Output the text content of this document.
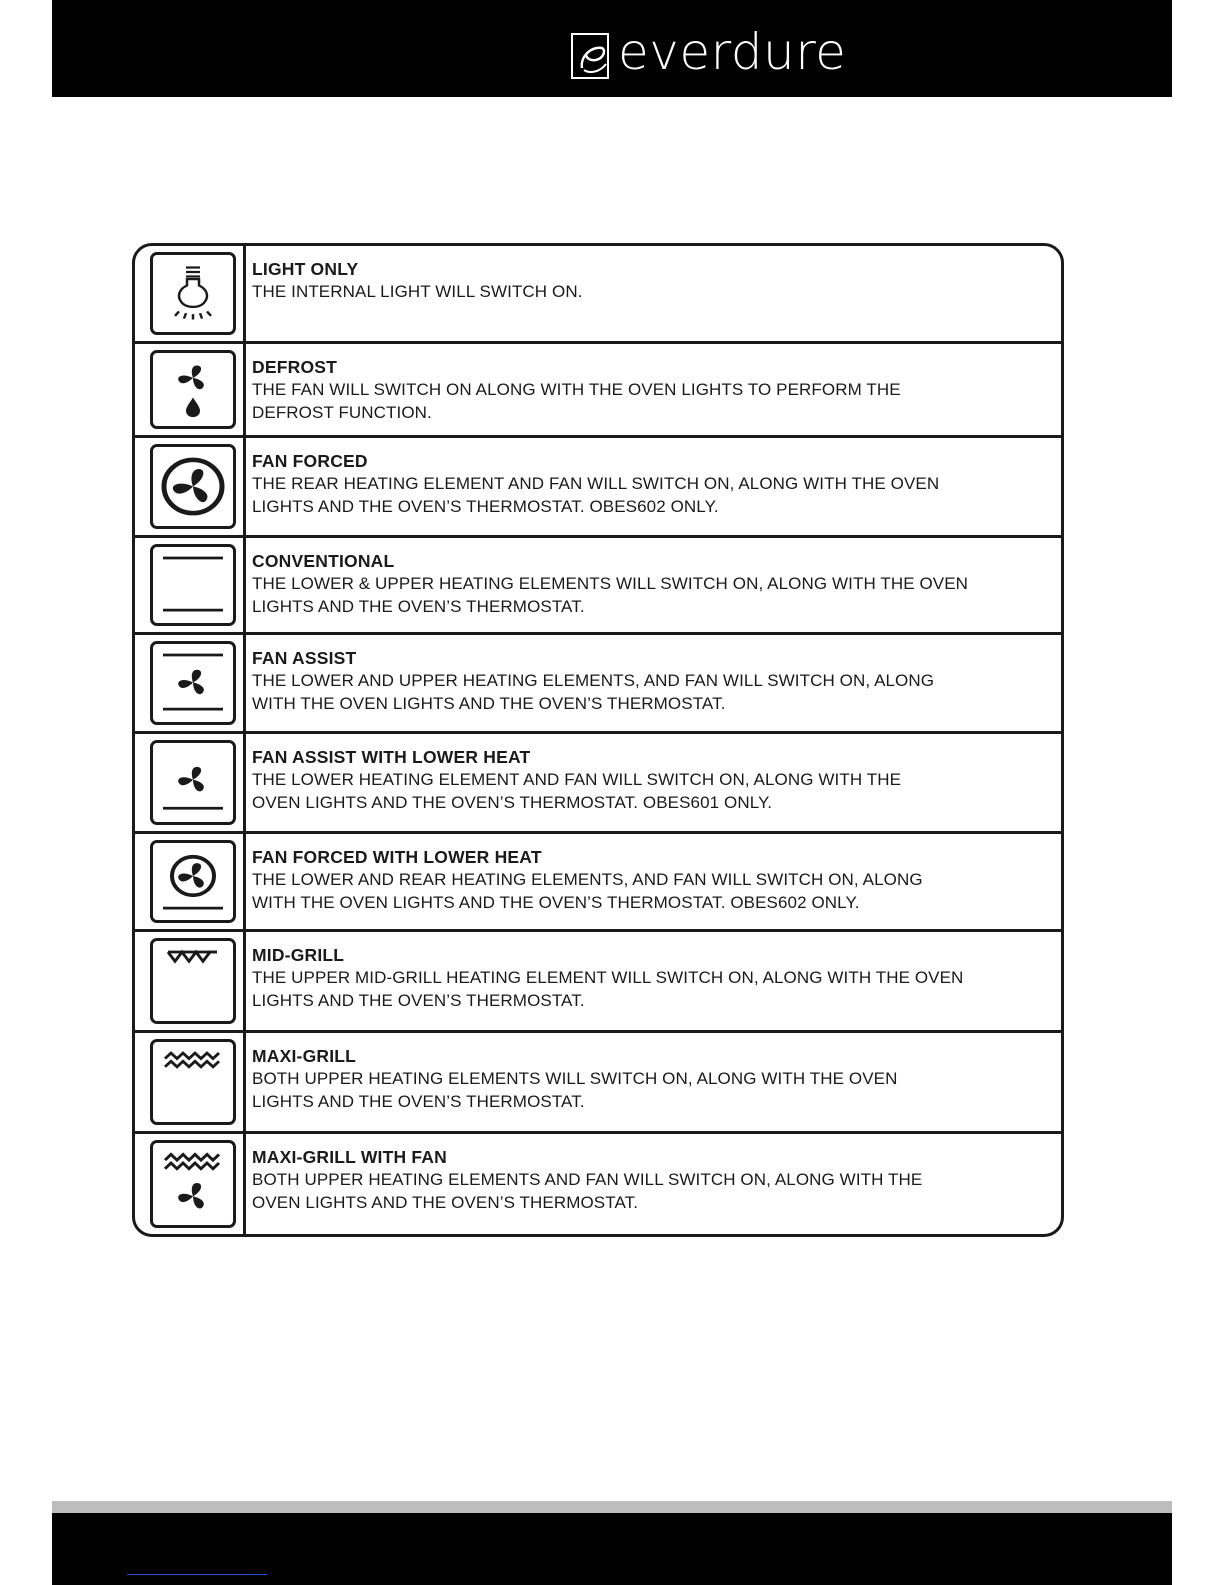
everdure
LIGHT ONLY
THE INTERNAL LIGHT WILL SWITCH ON.
DEFROST
THE FAN WILL SWITCH ON ALONG WITH THE OVEN LIGHTS TO PERFORM THE
DEFROST FUNCTION.
FAN FORCED
THE REAR HEATING ELEMENT AND FAN WILL SWITCH ON, ALONG WITH THE OVEN
LIGHTS AND THE OVEN’S THERMOSTAT. OBES602 ONLY.
CONVENTIONAL
THE LOWER & UPPER HEATING ELEMENTS WILL SWITCH ON, ALONG WITH THE OVEN
LIGHTS AND THE OVEN’S THERMOSTAT.
FAN ASSIST
THE LOWER AND UPPER HEATING ELEMENTS, AND FAN WILL SWITCH ON, ALONG
WITH THE OVEN LIGHTS AND THE OVEN’S THERMOSTAT.
FAN ASSIST WITH LOWER HEAT
THE LOWER HEATING ELEMENT AND FAN WILL SWITCH ON, ALONG WITH THE
OVEN LIGHTS AND THE OVEN’S THERMOSTAT. OBES601 ONLY.
FAN FORCED WITH LOWER HEAT
THE LOWER AND REAR HEATING ELEMENTS, AND FAN WILL SWITCH ON, ALONG
WITH THE OVEN LIGHTS AND THE OVEN’S THERMOSTAT. OBES602 ONLY.
MID-GRILL
THE UPPER MID-GRILL HEATING ELEMENT WILL SWITCH ON, ALONG WITH THE OVEN
LIGHTS AND THE OVEN’S THERMOSTAT.
MAXI-GRILL
BOTH UPPER HEATING ELEMENTS WILL SWITCH ON, ALONG WITH THE OVEN
LIGHTS AND THE OVEN’S THERMOSTAT.
MAXI-GRILL WITH FAN
BOTH UPPER HEATING ELEMENTS AND FAN WILL SWITCH ON, ALONG WITH THE
OVEN LIGHTS AND THE OVEN’S THERMOSTAT.
